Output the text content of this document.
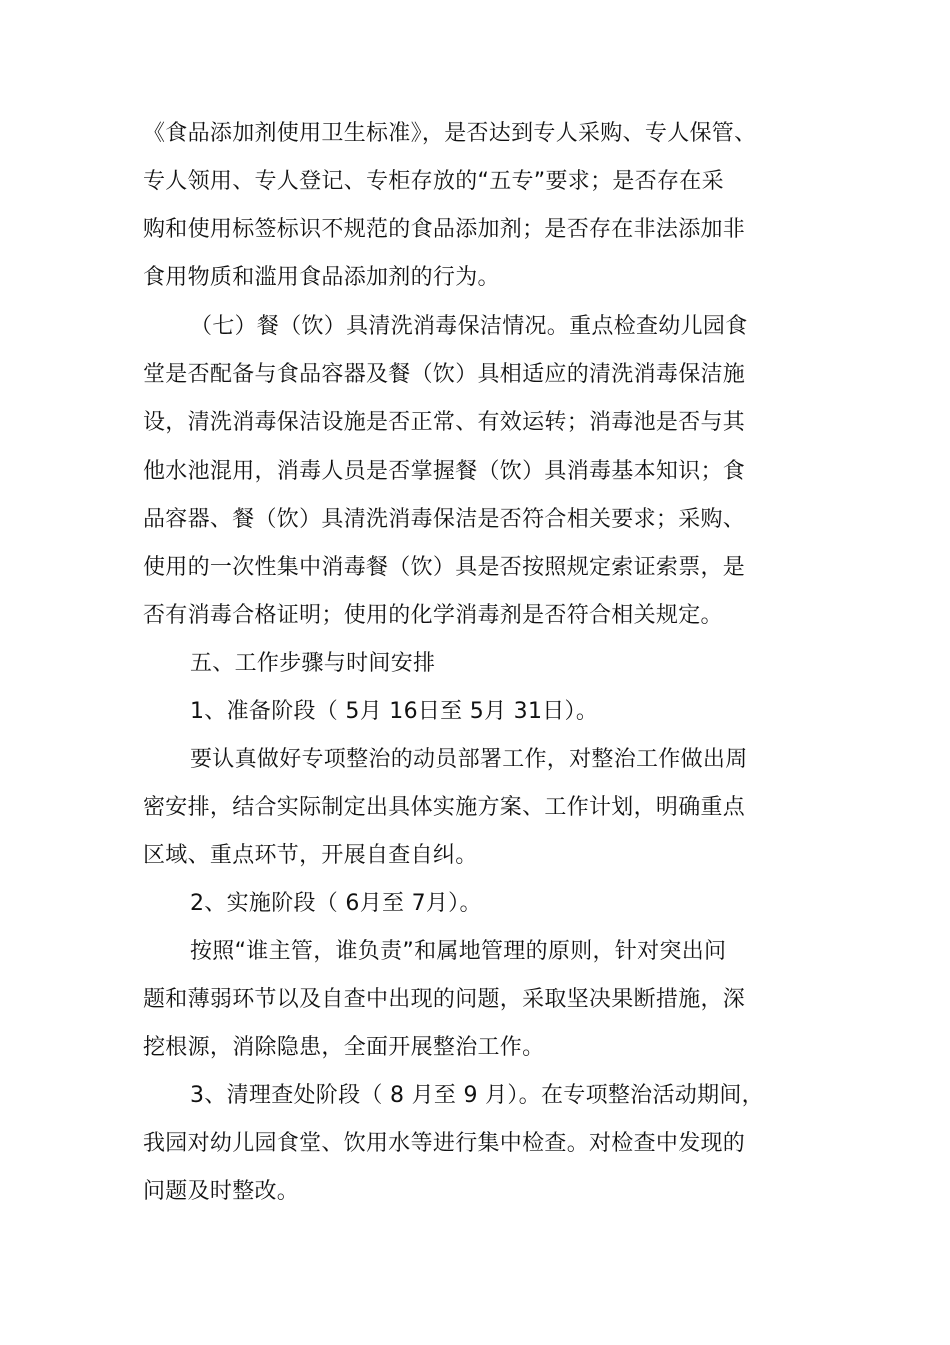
《食品添加剂使用卫生标准》，是否达到专人采购、专人保管、
专人领用、专人登记、专柜存放的“五专”要求；是否存在采
购和使用标签标识不规范的食品添加剂；是否存在非法添加非
食用物质和滥用食品添加剂的行为。
（七）餐（饮）具清洗消毒保洁情况。重点检查幼儿园食
堂是否配备与食品容器及餐（饮）具相适应的清洗消毒保洁施
设，清洗消毒保洁设施是否正常、有效运转；消毒池是否与其
他水池混用，消毒人员是否掌握餐（饮）具消毒基本知识；食
品容器、餐（饮）具清洗消毒保洁是否符合相关要求；采购、
使用的一次性集中消毒餐（饮）具是否按照规定索证索票，是
否有消毒合格证明；使用的化学消毒剂是否符合相关规定。
五、工作步骤与时间安排
1、准备阶段（ 5月 16日至 5月 31日）。
要认真做好专项整治的动员部署工作，对整治工作做出周
密安排，结合实际制定出具体实施方案、工作计划，明确重点
区域、重点环节，开展自查自纠。
2、实施阶段（ 6月至 7月）。
按照“谁主管，谁负责”和属地管理的原则，针对突出问
题和薄弱环节以及自查中出现的问题，采取坚决果断措施，深
挖根源，消除隐患，全面开展整治工作。
3、清理查处阶段（ 8 月至 9 月）。在专项整治活动期间，
我园对幼儿园食堂、饮用水等进行集中检查。对检查中发现的
问题及时整改。
